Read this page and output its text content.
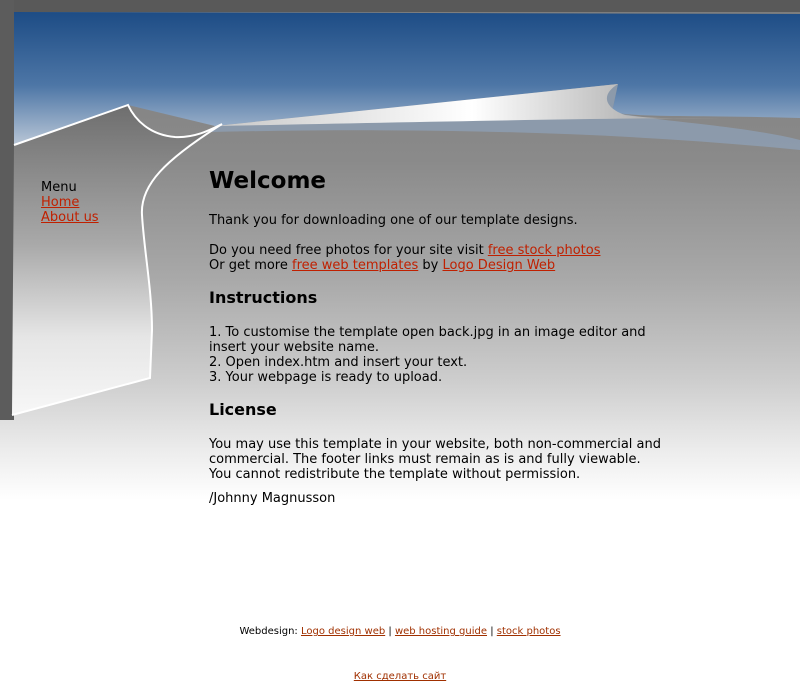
Menu
Home
About us
Welcome

Thank you for downloading one of our template designs.

Do you need free photos for your site visit free stock photos
Or get more free web templates by Logo Design Web

Instructions

1. To customise the template open back.jpg in an image editor and insert your website name.
2. Open index.htm and insert your text.
3. Your webpage is ready to upload.

License

You may use this template in your website, both non-commercial and commercial. The footer links must remain as is and fully viewable.
You cannot redistribute the template without permission.

/Johnny Magnusson

Webdesign: Logo design web | web hosting guide | stock photos
Как сделать сайт
